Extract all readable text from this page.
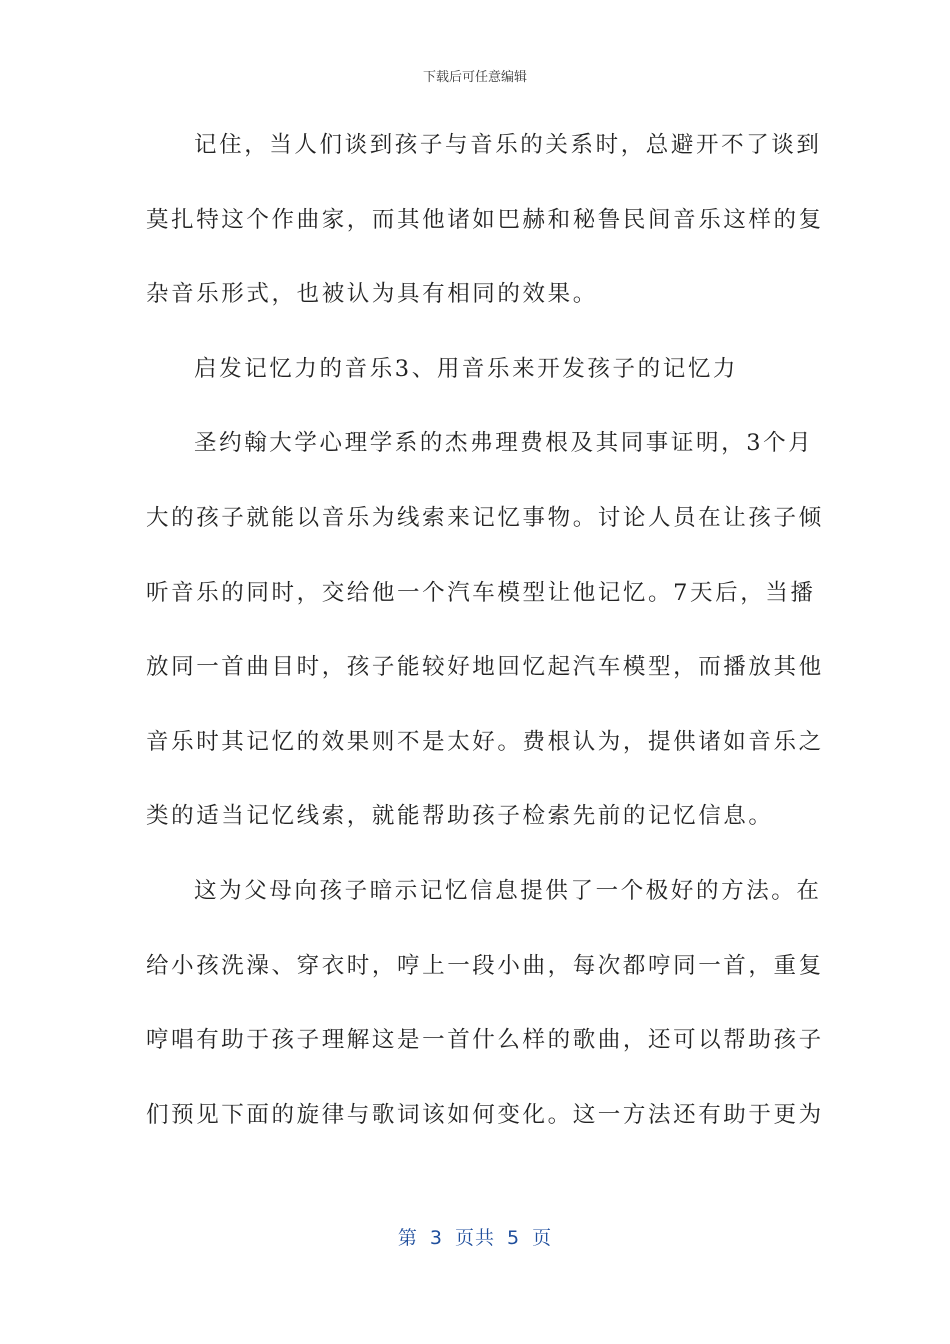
下载后可任意编辑
记住，当人们谈到孩子与音乐的关系时，总避开不了谈到
莫扎特这个作曲家，而其他诸如巴赫和秘鲁民间音乐这样的复
杂音乐形式，也被认为具有相同的效果。
启发记忆力的音乐3、用音乐来开发孩子的记忆力
圣约翰大学心理学系的杰弗理费根及其同事证明，3个月
大的孩子就能以音乐为线索来记忆事物。讨论人员在让孩子倾
听音乐的同时，交给他一个汽车模型让他记忆。7天后，当播
放同一首曲目时，孩子能较好地回忆起汽车模型，而播放其他
音乐时其记忆的效果则不是太好。费根认为，提供诸如音乐之
类的适当记忆线索，就能帮助孩子检索先前的记忆信息。
这为父母向孩子暗示记忆信息提供了一个极好的方法。在
给小孩洗澡、穿衣时，哼上一段小曲，每次都哼同一首，重复
哼唱有助于孩子理解这是一首什么样的歌曲，还可以帮助孩子
们预见下面的旋律与歌词该如何变化。这一方法还有助于更为
第 3 页共 5 页
